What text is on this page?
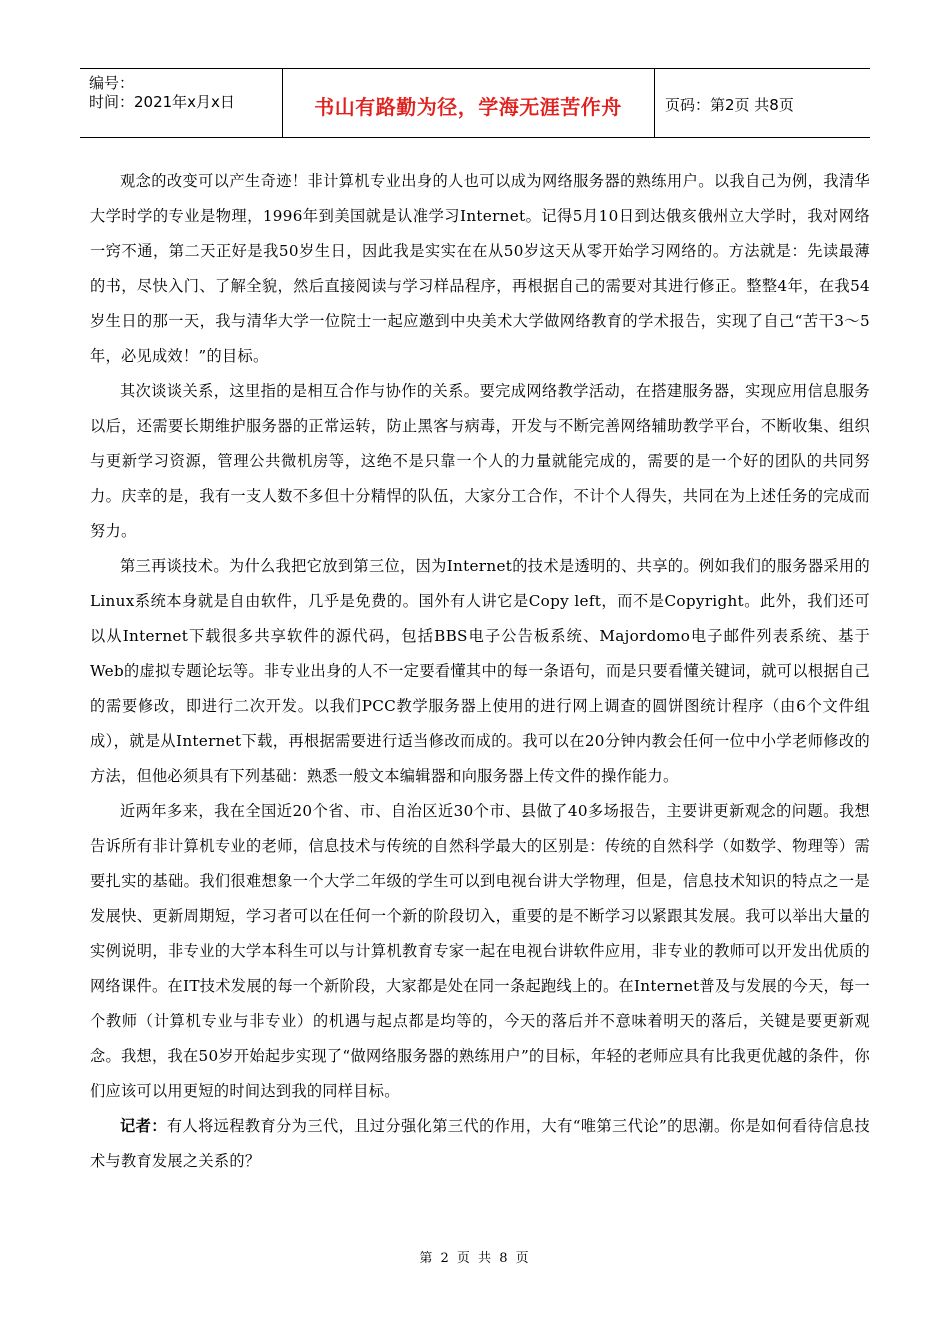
编号：
时间：2021年x月x日	书山有路勤为径，学海无涯苦作舟	页码：第2页 共8页

观念的改变可以产生奇迹！非计算机专业出身的人也可以成为网络服务器的熟练用户。以我自己为例，我清华大学时学的专业是物理，1996年到美国就是认准学习Internet。记得5月10日到达俄亥俄州立大学时，我对网络一窍不通，第二天正好是我50岁生日，因此我是实实在在从50岁这天从零开始学习网络的。方法就是：先读最薄的书，尽快入门、了解全貌，然后直接阅读与学习样品程序，再根据自己的需要对其进行修正。整整4年，在我54岁生日的那一天，我与清华大学一位院士一起应邀到中央美术大学做网络教育的学术报告，实现了自己“苦干3～5年，必见成效！”的目标。

其次谈谈关系，这里指的是相互合作与协作的关系。要完成网络教学活动，在搭建服务器，实现应用信息服务以后，还需要长期维护服务器的正常运转，防止黑客与病毒，开发与不断完善网络辅助教学平台，不断收集、组织与更新学习资源，管理公共微机房等，这绝不是只靠一个人的力量就能完成的，需要的是一个好的团队的共同努力。庆幸的是，我有一支人数不多但十分精悍的队伍，大家分工合作，不计个人得失，共同在为上述任务的完成而努力。

第三再谈技术。为什么我把它放到第三位，因为Internet的技术是透明的、共享的。例如我们的服务器采用的Linux系统本身就是自由软件，几乎是免费的。国外有人讲它是Copy left，而不是Copyright。此外，我们还可以从Internet下载很多共享软件的源代码，包括BBS电子公告板系统、Majordomo电子邮件列表系统、基于Web的虚拟专题论坛等。非专业出身的人不一定要看懂其中的每一条语句，而是只要看懂关键词，就可以根据自己的需要修改，即进行二次开发。以我们PCC教学服务器上使用的进行网上调查的圆饼图统计程序（由6个文件组成），就是从Internet下载，再根据需要进行适当修改而成的。我可以在20分钟内教会任何一位中小学老师修改的方法，但他必须具有下列基础：熟悉一般文本编辑器和向服务器上传文件的操作能力。

近两年多来，我在全国近20个省、市、自治区近30个市、县做了40多场报告，主要讲更新观念的问题。我想告诉所有非计算机专业的老师，信息技术与传统的自然科学最大的区别是：传统的自然科学（如数学、物理等）需要扎实的基础。我们很难想象一个大学二年级的学生可以到电视台讲大学物理，但是，信息技术知识的特点之一是发展快、更新周期短，学习者可以在任何一个新的阶段切入，重要的是不断学习以紧跟其发展。我可以举出大量的实例说明，非专业的大学本科生可以与计算机教育专家一起在电视台讲软件应用，非专业的教师可以开发出优质的网络课件。在IT技术发展的每一个新阶段，大家都是处在同一条起跑线上的。在Internet普及与发展的今天，每一个教师（计算机专业与非专业）的机遇与起点都是均等的，今天的落后并不意味着明天的落后，关键是要更新观念。我想，我在50岁开始起步实现了“做网络服务器的熟练用户”的目标，年轻的老师应具有比我更优越的条件，你们应该可以用更短的时间达到我的同样目标。

记者：有人将远程教育分为三代，且过分强化第三代的作用，大有“唯第三代论”的思潮。你是如何看待信息技术与教育发展之关系的？

第 2 页 共 8 页
